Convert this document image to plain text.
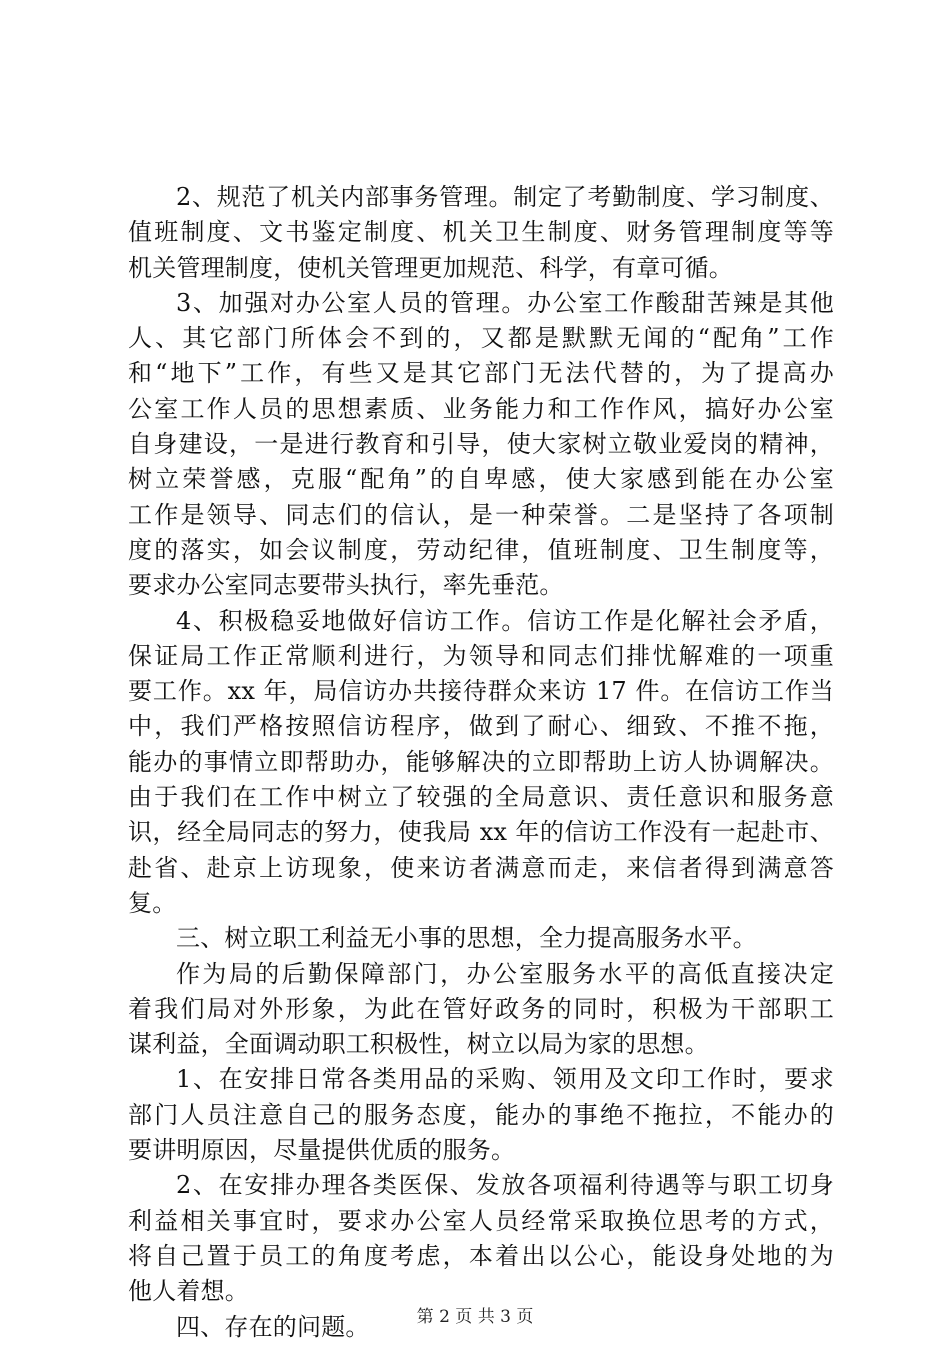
2、规范了机关内部事务管理。制定了考勤制度、学习制度、
值班制度、文书鉴定制度、机关卫生制度、财务管理制度等等
机关管理制度，使机关管理更加规范、科学，有章可循。
3、加强对办公室人员的管理。办公室工作酸甜苦辣是其他
人、其它部门所体会不到的，又都是默默无闻的“配角”工作
和“地下”工作，有些又是其它部门无法代替的，为了提高办
公室工作人员的思想素质、业务能力和工作作风，搞好办公室
自身建设，一是进行教育和引导，使大家树立敬业爱岗的精神，
树立荣誉感，克服“配角”的自卑感，使大家感到能在办公室
工作是领导、同志们的信认，是一种荣誉。二是坚持了各项制
度的落实，如会议制度，劳动纪律，值班制度、卫生制度等，
要求办公室同志要带头执行，率先垂范。
4、积极稳妥地做好信访工作。信访工作是化解社会矛盾，
保证局工作正常顺利进行，为领导和同志们排忧解难的一项重
要工作。xx 年，局信访办共接待群众来访 17 件。在信访工作当
中，我们严格按照信访程序，做到了耐心、细致、不推不拖，
能办的事情立即帮助办，能够解决的立即帮助上访人协调解决。
由于我们在工作中树立了较强的全局意识、责任意识和服务意
识，经全局同志的努力，使我局 xx 年的信访工作没有一起赴市、
赴省、赴京上访现象，使来访者满意而走，来信者得到满意答
复。
三、树立职工利益无小事的思想，全力提高服务水平。
作为局的后勤保障部门，办公室服务水平的高低直接决定
着我们局对外形象，为此在管好政务的同时，积极为干部职工
谋利益，全面调动职工积极性，树立以局为家的思想。
1、在安排日常各类用品的采购、领用及文印工作时，要求
部门人员注意自己的服务态度，能办的事绝不拖拉，不能办的
要讲明原因，尽量提供优质的服务。
2、在安排办理各类医保、发放各项福利待遇等与职工切身
利益相关事宜时，要求办公室人员经常采取换位思考的方式，
将自己置于员工的角度考虑，本着出以公心，能设身处地的为
他人着想。
四、存在的问题。	第 2 页 共 3 页
